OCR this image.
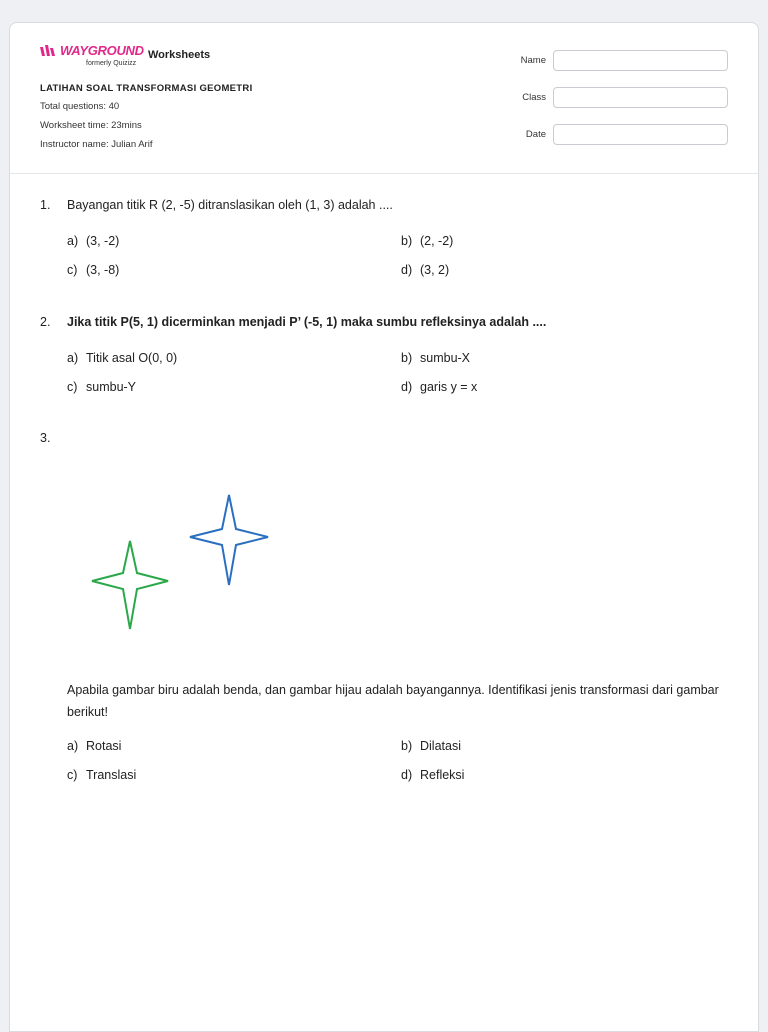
WAYGROUND
formerly Quizizz
Worksheets
LATIHAN SOAL TRANSFORMASI GEOMETRI
Total questions: 40
Worksheet time: 23mins
Instructor name: Julian Arif
Name
Class
Date
1. Bayangan titik R (2, -5) ditranslasikan oleh (1, 3) adalah ....
a) (3, -2)	b) (2, -2)
c) (3, -8)	d) (3, 2)
2. Jika titik P(5, 1) dicerminkan menjadi P’ (-5, 1) maka sumbu refleksinya adalah ....
a) Titik asal O(0, 0)	b) sumbu-X
c) sumbu-Y	d) garis y = x
3.
Apabila gambar biru adalah benda, dan gambar hijau adalah bayangannya. Identifikasi jenis transformasi dari gambar berikut!
a) Rotasi	b) Dilatasi
c) Translasi	d) Refleksi
